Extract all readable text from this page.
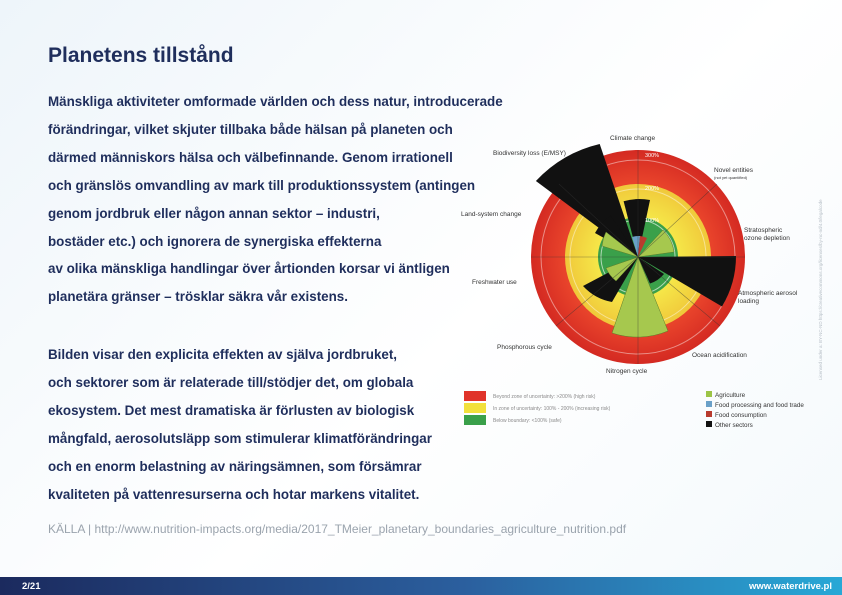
Planetens tillstånd
Mänskliga aktiviteter omformade världen och dess natur, introducerade
förändringar, vilket skjuter tillbaka både hälsan på planeten och
därmed människors hälsa och välbefinnande. Genom irrationell
och gränslös omvandling av mark till produktionssystem (antingen
genom jordbruk eller någon annan sektor – industri,
bostäder etc.) och ignorera de synergiska effekterna
av olika mänskliga handlingar över årtionden korsar vi äntligen
planetära gränser – trösklar säkra vår existens.
Bilden visar den explicita effekten av själva jordbruket,
och sektorer som är relaterade till/stödjer det, om globala
ekosystem. Det mest dramatiska är förlusten av biologisk
mångfald, aerosolutsläpp som stimulerar klimatförändringar
och en enorm belastning av näringsämnen, som försämrar
kvaliteten på vattenresurserna och hotar markens vitalitet.
KÄLLA | http://www.nutrition-impacts.org/media/2017_TMeier_planetary_boundaries_agriculture_nutrition.pdf
300%
200%
100%
Climate change
Novel entities
(not yet quantified)
Stratospheric
ozone depletion
Atmospheric aerosol
loading
Ocean acidification
Nitrogen cycle
Phosphorous cycle
Freshwater use
Land-system change
Biodiversity loss (E/MSY)
Beyond zone of uncertainty: >200% (high risk)
In zone of uncertainty: 100% - 200% (increasing risk)
Below boundary: <100% (safe)
Agriculture
Food processing and food trade
Food consumption
Other sectors
Licensed under a: BY-NC-ND https://creativecommons.org/licenses/by-nc-nd/4.0/legalcode
2/21	www.waterdrive.pl
